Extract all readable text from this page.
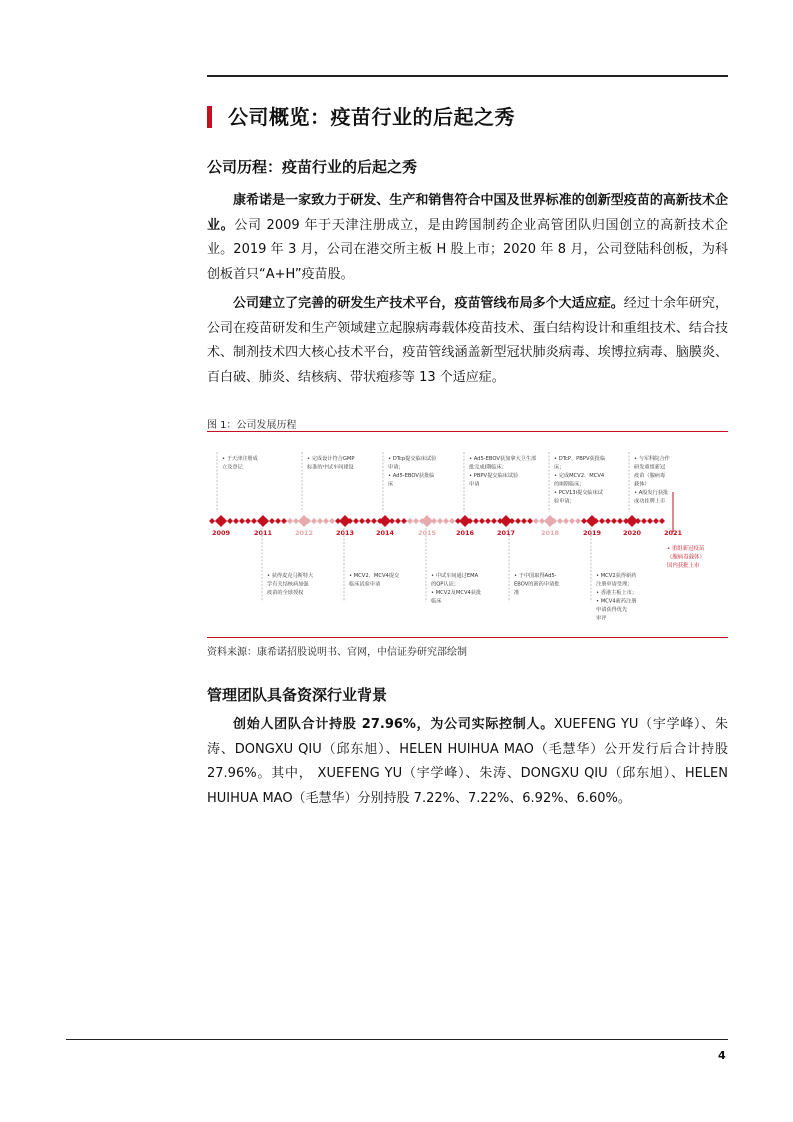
公司概览：疫苗行业的后起之秀
公司历程：疫苗行业的后起之秀
康希诺是一家致力于研发、生产和销售符合中国及世界标准的创新型疫苗的高新技术企业。公司 2009 年于天津注册成立，是由跨国制药企业高管团队归国创立的高新技术企业。2019 年 3 月，公司在港交所主板 H 股上市；2020 年 8 月，公司登陆科创板，为科创板首只“A+H”疫苗股。
公司建立了完善的研发生产技术平台，疫苗管线布局多个大适应症。经过十余年研究，公司在疫苗研发和生产领域建立起腺病毒载体疫苗技术、蛋白结构设计和重组技术、结合技术、制剂技术四大核心技术平台，疫苗管线涵盖新型冠状肺炎病毒、埃博拉病毒、脑膜炎、百白破、肺炎、结核病、带状疱疹等 13 个适应症。
图 1：公司发展历程
2009	2011	2012	2013	2014	2015	2016	2017	2018	2019	2020	2021
• 于天津注册成
立及登记
• 完成设计符合GMP
标准的中试车间建设
• DTcp提交临床试验
申请；
• Ad5-EBOV获批临
床
• Ad5-EBOV获加拿大卫生部
批完成I期临床；
• PBPV提交临床试验
申请
• DTcP、PBPV获批临
床；
• 完成MCV2、MCV4
的III期临床；
• PCV13i提交临床试
验申请；
• 与军科院合作
研发重组新冠
疫苗（腺病毒
载体）
• A股发行获批
成功挂牌上市
• 获得麦克马斯特大
学有关结核病加强
疫苗的全球授权
• MCV2、MCV4提交
临床试验申请
• 中试车间通过EMA
的QP认证；
• MCV2及MCV4获批
临床
• 于中国取得Ad5-
EBOV的新药申请批
准
• MCV2获得新药
注册申请受理；
• 香港主板上市；
• MCV4新药注册
申请获得优先
审评
• 重组新冠疫苗
（腺病毒载体）
国内获批上市
资料来源：康希诺招股说明书、官网，中信证券研究部绘制
管理团队具备资深行业背景
创始人团队合计持股 27.96%，为公司实际控制人。XUEFENG YU（宇学峰）、朱涛、DONGXU QIU（邱东旭）、HELEN HUIHUA MAO（毛慧华）公开发行后合计持股 27.96%。其中， XUEFENG YU（宇学峰）、朱涛、DONGXU QIU（邱东旭）、HELEN HUIHUA MAO（毛慧华）分别持股 7.22%、7.22%、6.92%、6.60%。
4
